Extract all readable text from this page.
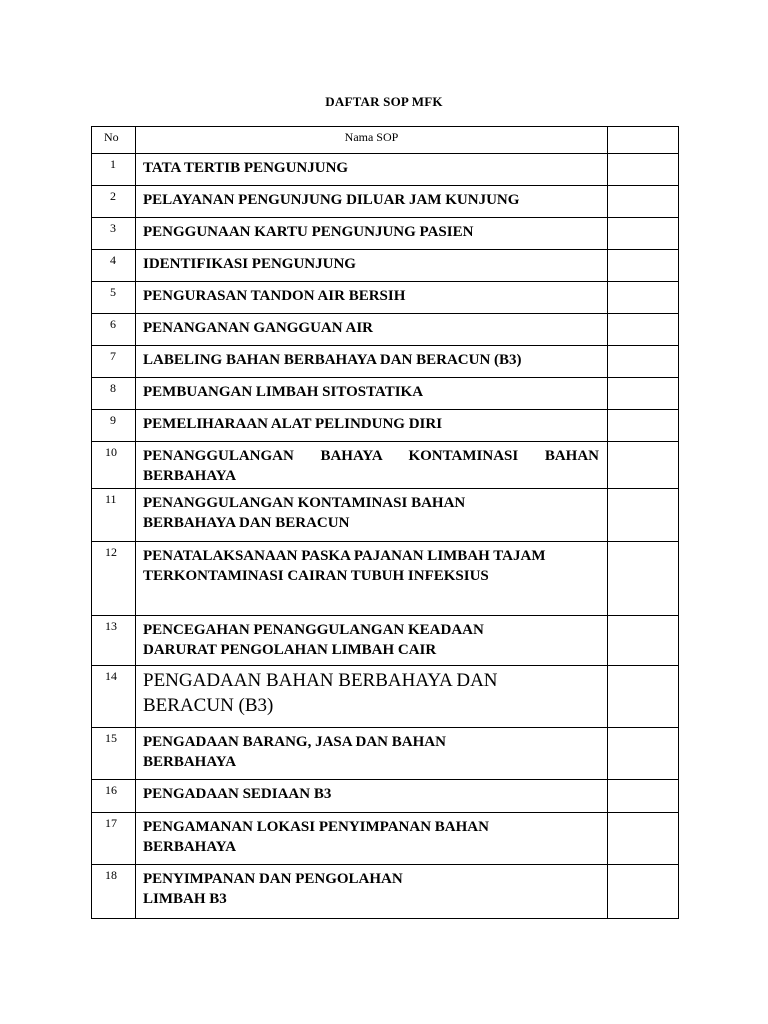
DAFTAR SOP MFK
No	Nama SOP	
1	TATA TERTIB PENGUNJUNG	
2	PELAYANAN PENGUNJUNG DILUAR JAM KUNJUNG	
3	PENGGUNAAN KARTU PENGUNJUNG PASIEN	
4	IDENTIFIKASI PENGUNJUNG	
5	PENGURASAN TANDON AIR BERSIH	
6	PENANGANAN GANGGUAN AIR	
7	LABELING BAHAN BERBAHAYA DAN BERACUN (B3)	
8	PEMBUANGAN LIMBAH SITOSTATIKA	
9	PEMELIHARAAN ALAT PELINDUNG DIRI	
10	PENANGGULANGAN BAHAYA KONTAMINASI BAHAN BERBAHAYA	
11	PENANGGULANGAN KONTAMINASI BAHAN BERBAHAYA DAN BERACUN	
12	PENATALAKSANAAN PASKA PAJANAN LIMBAH TAJAM TERKONTAMINASI CAIRAN TUBUH INFEKSIUS	
13	PENCEGAHAN PENANGGULANGAN KEADAAN DARURAT PENGOLAHAN LIMBAH CAIR	
14	PENGADAAN BAHAN BERBAHAYA DAN BERACUN (B3)	
15	PENGADAAN BARANG, JASA DAN BAHAN BERBAHAYA	
16	PENGADAAN SEDIAAN B3	
17	PENGAMANAN LOKASI PENYIMPANAN BAHAN BERBAHAYA	
18	PENYIMPANAN DAN PENGOLAHAN LIMBAH B3	
